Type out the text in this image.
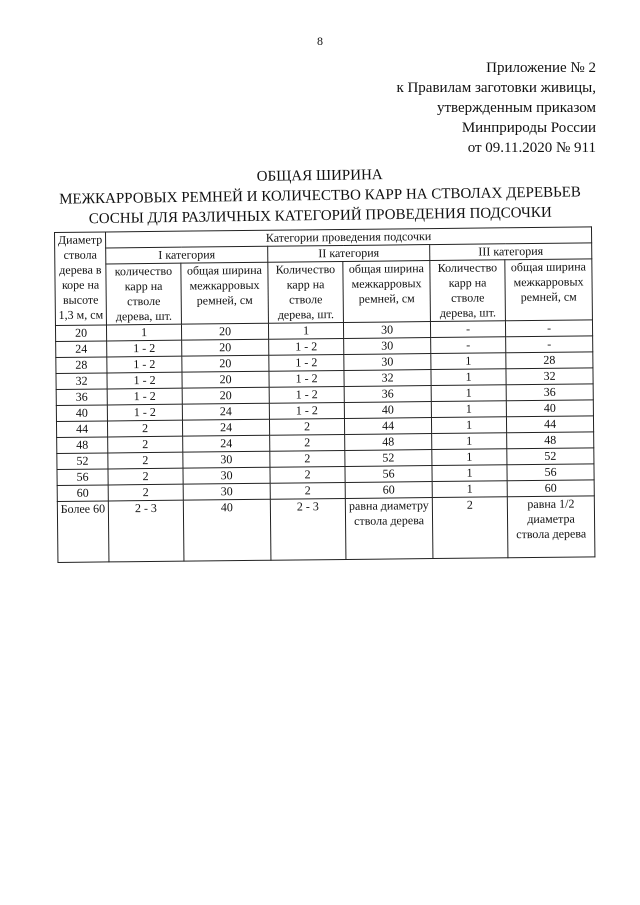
8
Приложение № 2
к Правилам заготовки живицы,
утвержденным приказом
Минприроды России
от 09.11.2020 № 911
ОБЩАЯ ШИРИНА
МЕЖКАРРОВЫХ РЕМНЕЙ И КОЛИЧЕСТВО КАРР НА СТВОЛАХ ДЕРЕВЬЕВ
СОСНЫ ДЛЯ РАЗЛИЧНЫХ КАТЕГОРИЙ ПРОВЕДЕНИЯ ПОДСОЧКИ
Диаметр ствола дерева в коре на высоте 1,3 м, см	Категории проведения подсочки					
	I категория		II категория		III категория	
	количество карр на стволе дерева, шт.	общая ширина межкарровых ремней, см	Количество карр на стволе дерева, шт.	общая ширина межкарровых ремней, см	Количество карр на стволе дерева, шт.	общая ширина межкарровых ремней, см
20	1	20	1	30	-	-
24	1 - 2	20	1 - 2	30	-	-
28	1 - 2	20	1 - 2	30	1	28
32	1 - 2	20	1 - 2	32	1	32
36	1 - 2	20	1 - 2	36	1	36
40	1 - 2	24	1 - 2	40	1	40
44	2	24	2	44	1	44
48	2	24	2	48	1	48
52	2	30	2	52	1	52
56	2	30	2	56	1	56
60	2	30	2	60	1	60
Более 60	2 - 3	40	2 - 3	равна диаметру ствола дерева	2	равна 1/2 диаметра ствола дерева
